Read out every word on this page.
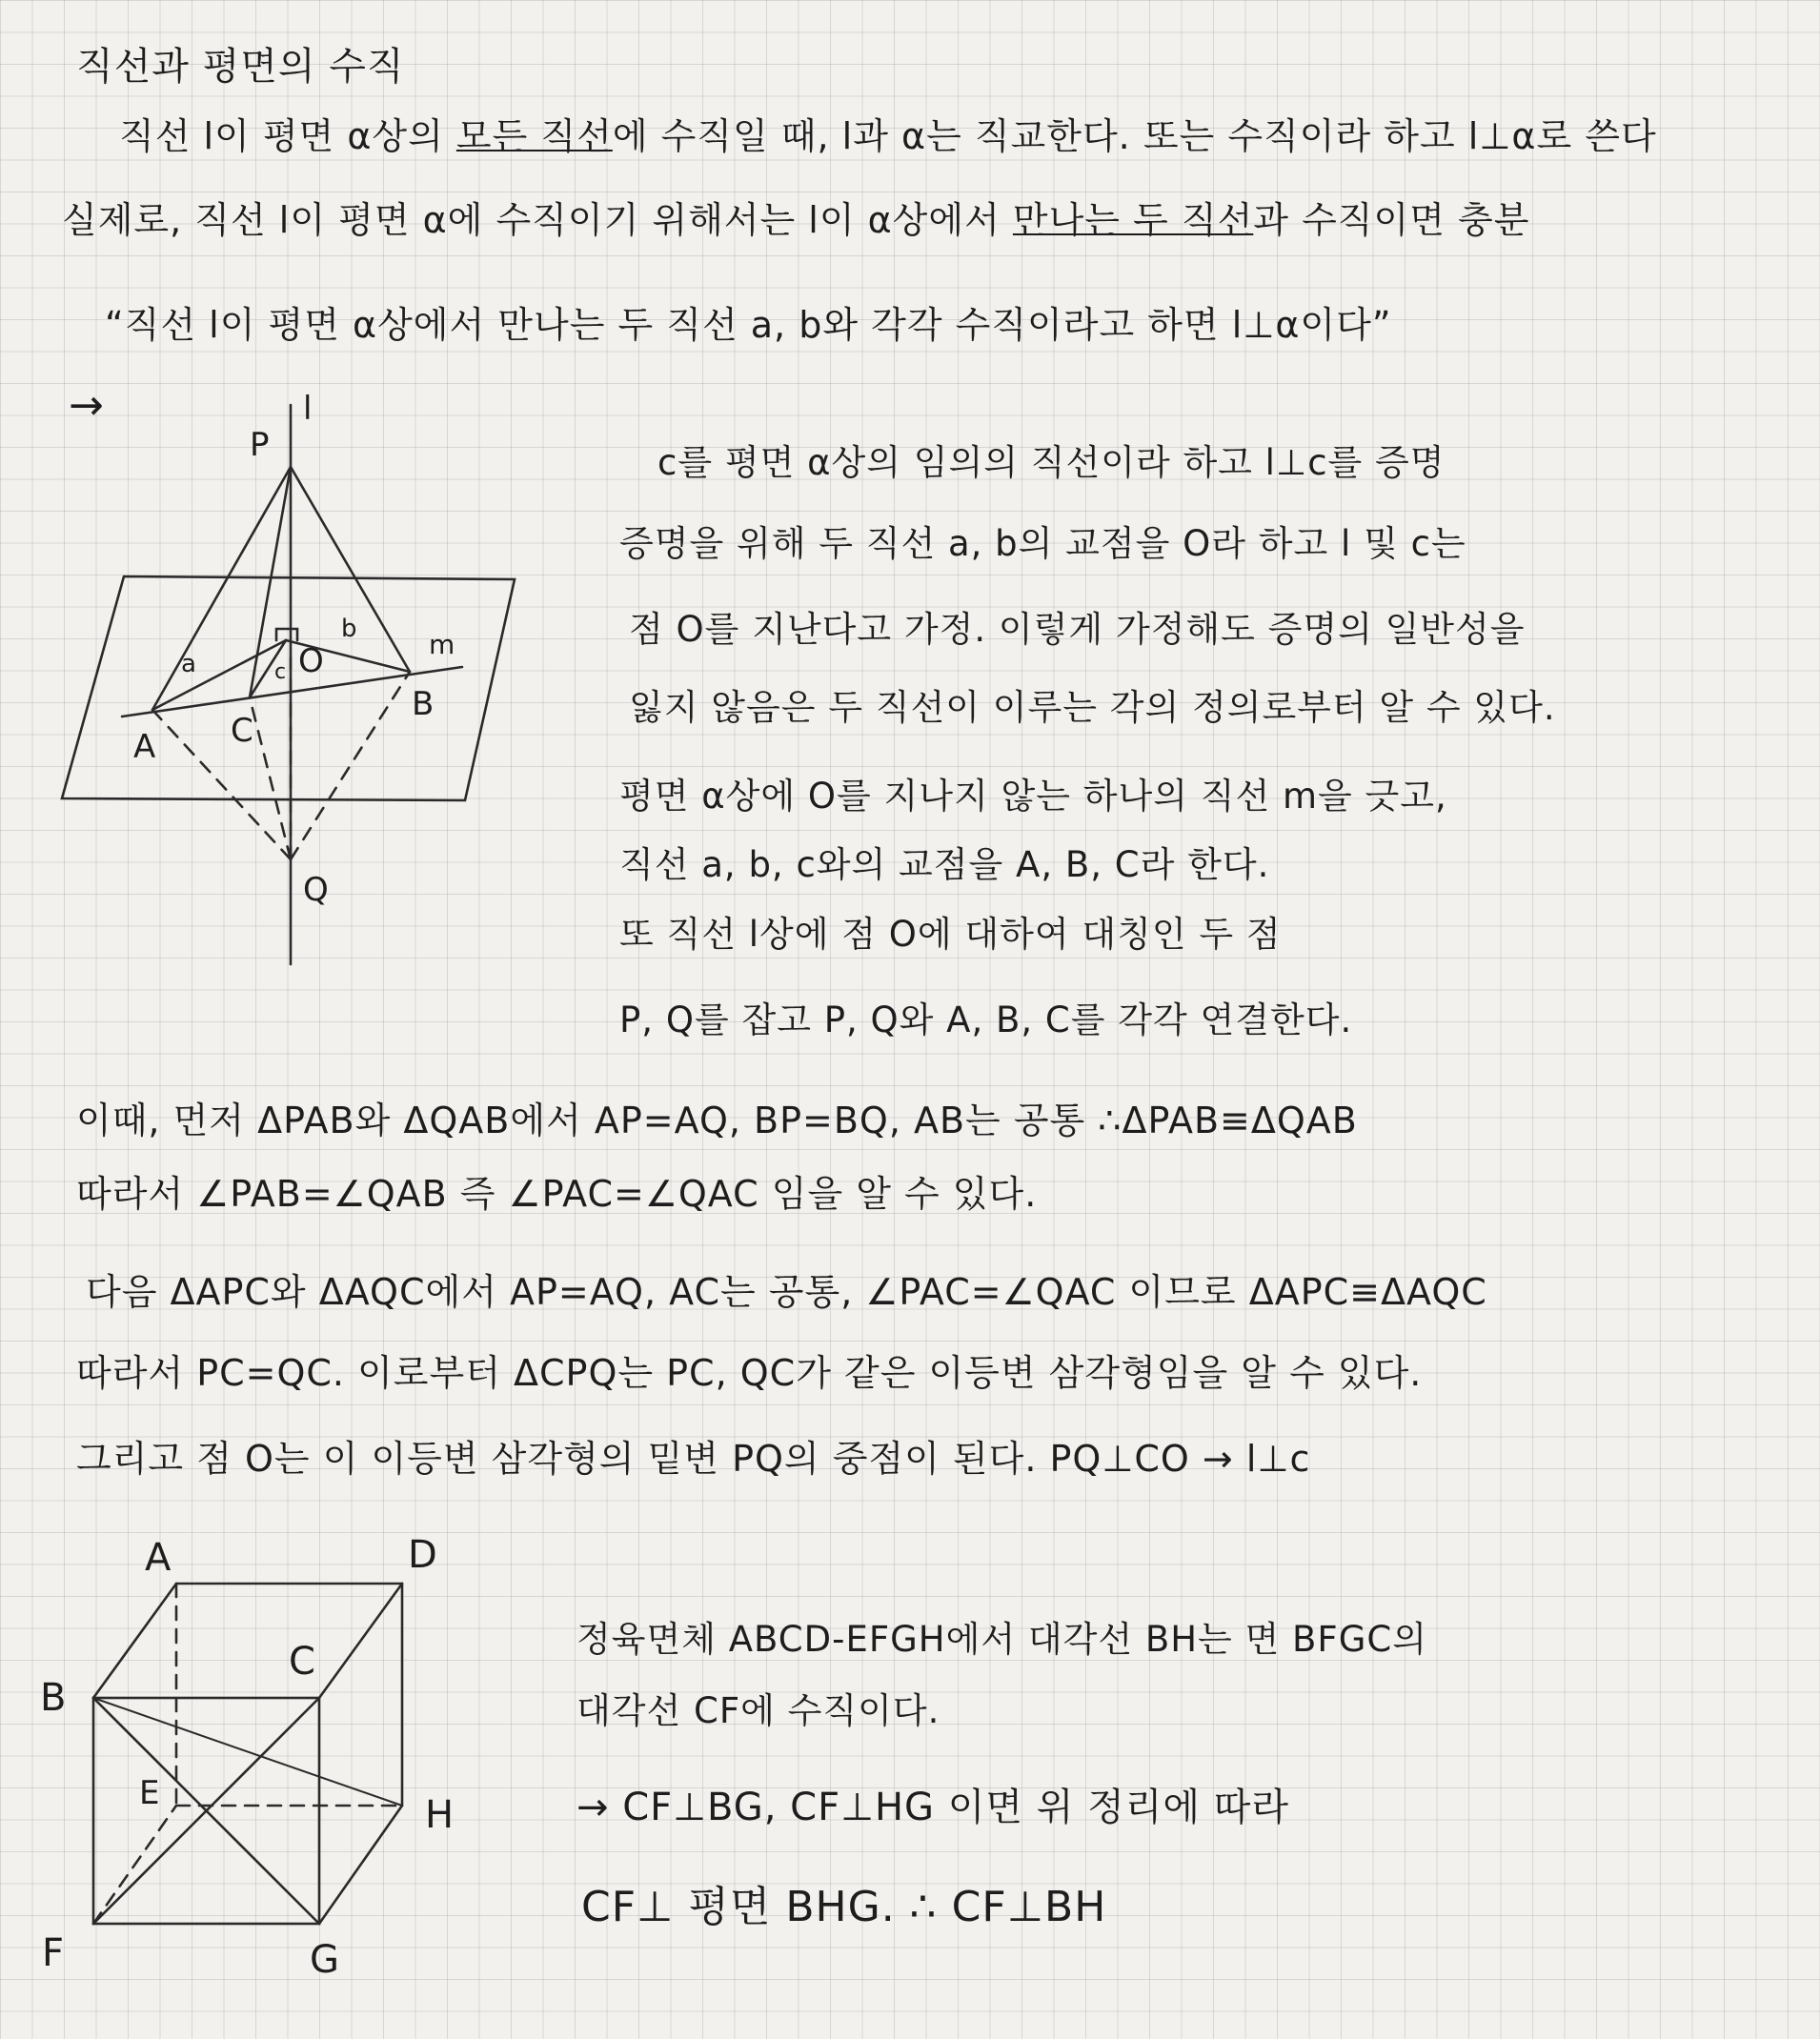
직선과 평면의 수직
직선 l이 평면 α상의 모든 직선에 수직일 때, l과 α는 직교한다. 또는 수직이라 하고 l⊥α로 쓴다
실제로, 직선 l이 평면 α에 수직이기 위해서는 l이 α상에서 만나는 두 직선과 수직이면 충분
“직선 l이 평면 α상에서 만나는 두 직선 a, b와 각각 수직이라고 하면 l⊥α이다”
→	l
P
Q
O
A
B
C
a
b
c
m
c를 평면 α상의 임의의 직선이라 하고 l⊥c를 증명
증명을 위해 두 직선 a, b의 교점을 O라 하고 l 및 c는
점 O를 지난다고 가정. 이렇게 가정해도 증명의 일반성을
잃지 않음은 두 직선이 이루는 각의 정의로부터 알 수 있다.
평면 α상에 O를 지나지 않는 하나의 직선 m을 긋고,
직선 a, b, c와의 교점을 A, B, C라 한다.
또 직선 l상에 점 O에 대하여 대칭인 두 점
P, Q를 잡고 P, Q와 A, B, C를 각각 연결한다.
이때, 먼저 ΔPAB와 ΔQAB에서 AP=AQ, BP=BQ, AB는 공통 ∴ΔPAB≡ΔQAB
따라서 ∠PAB=∠QAB 즉 ∠PAC=∠QAC 임을 알 수 있다.
다음 ΔAPC와 ΔAQC에서 AP=AQ, AC는 공통, ∠PAC=∠QAC 이므로 ΔAPC≡ΔAQC
따라서 PC=QC. 이로부터 ΔCPQ는 PC, QC가 같은 이등변 삼각형임을 알 수 있다.
그리고 점 O는 이 이등변 삼각형의 밑변 PQ의 중점이 된다. PQ⊥CO → l⊥c
A	D
B
C
E
F	G
H
정육면체 ABCD-EFGH에서 대각선 BH는 면 BFGC의
대각선 CF에 수직이다.
→ CF⊥BG, CF⊥HG 이면 위 정리에 따라
CF⊥ 평면 BHG. ∴ CF⊥BH
